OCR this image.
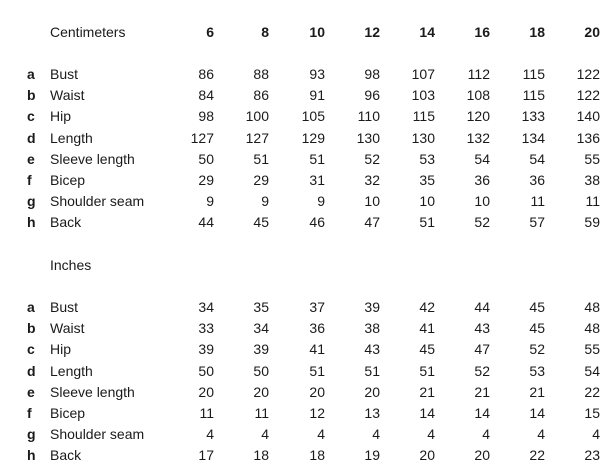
Centimeters	6	8	10	12	14	16	18	20
a Bust	86	88	93	98	107	112	115	122
b Waist	84	86	91	96	103	108	115	122
c Hip	98	100	105	110	115	120	133	140
d Length	127	127	129	130	130	132	134	136
e Sleeve length	50	51	51	52	53	54	54	55
f Bicep	29	29	31	32	35	36	36	38
g Shoulder seam	9	9	9	10	10	10	11	11
h Back	44	45	46	47	51	52	57	59
Inches
a Bust	34	35	37	39	42	44	45	48
b Waist	33	34	36	38	41	43	45	48
c Hip	39	39	41	43	45	47	52	55
d Length	50	50	51	51	51	52	53	54
e Sleeve length	20	20	20	20	21	21	21	22
f Bicep	11	11	12	13	14	14	14	15
g Shoulder seam	4	4	4	4	4	4	4	4
h Back	17	18	18	19	20	20	22	23
